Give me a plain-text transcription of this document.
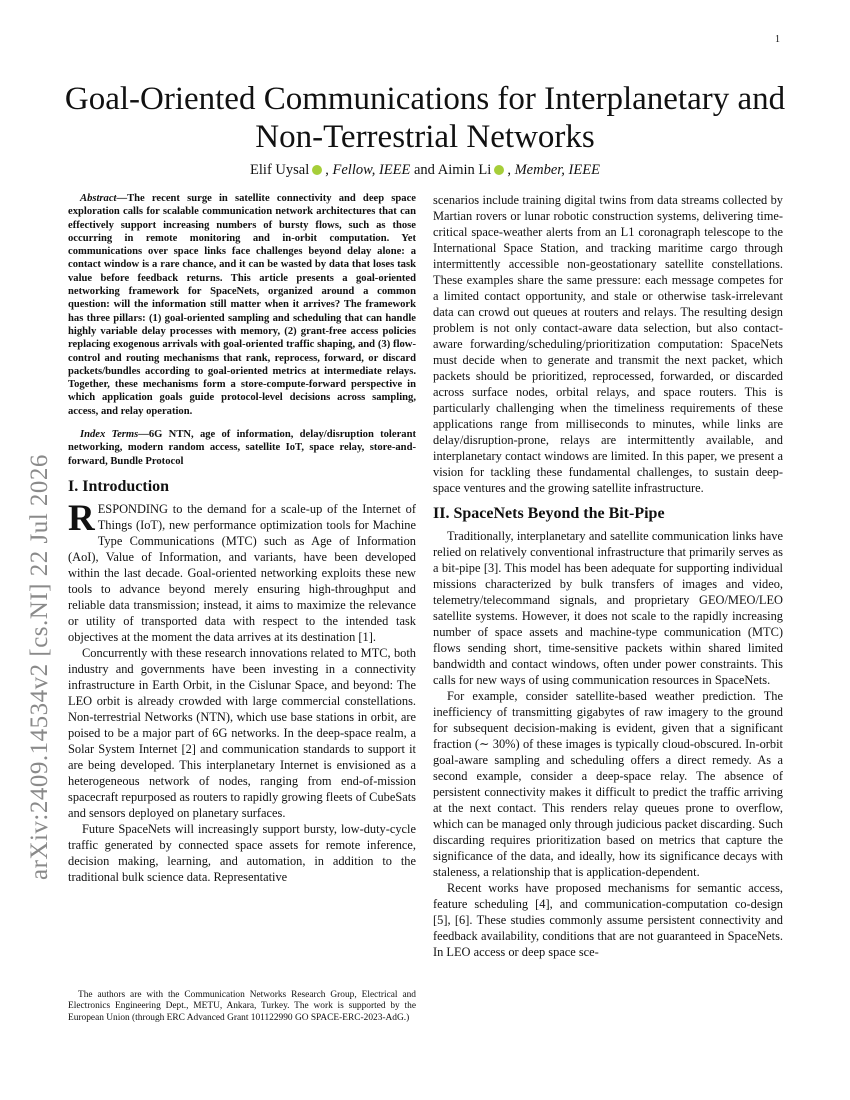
1
arXiv:2409.14534v2 [cs.NI] 22 Jul 2026
Goal-Oriented Communications for Interplanetary and Non-Terrestrial Networks
Elif Uysal , Fellow, IEEE and Aimin Li , Member, IEEE

Abstract—The recent surge in satellite connectivity and deep space exploration calls for scalable communication network architectures that can effectively support increasing numbers of bursty flows, such as those occurring in remote monitoring and in-orbit computation. Yet communications over space links face challenges beyond delay alone: a contact window is a rare chance, and it can be wasted by data that loses task value before feedback returns. This article presents a goal-oriented networking framework for SpaceNets, organized around a common question: will the information still matter when it arrives? The framework has three pillars: (1) goal-oriented sampling and scheduling that can handle highly variable delay processes with memory, (2) grant-free access policies replacing exogenous arrivals with goal-oriented traffic shaping, and (3) flow-control and routing mechanisms that rank, reprocess, forward, or discard packets/bundles according to goal-oriented metrics at intermediate relays. Together, these mechanisms form a store-compute-forward perspective in which application goals guide protocol-level decisions across sampling, access, and relay operation.

Index Terms—6G NTN, age of information, delay/disruption tolerant networking, modern random access, satellite IoT, space relay, store-and-forward, Bundle Protocol

I. Introduction

RESPONDING to the demand for a scale-up of the Internet of Things (IoT), new performance optimization tools for Machine Type Communications (MTC) such as Age of Information (AoI), Value of Information, and variants, have been developed within the last decade. Goal-oriented networking exploits these new tools to advance beyond merely ensuring high-throughput and reliable data transmission; instead, it aims to maximize the relevance or utility of transported data with respect to the intended task objectives at the moment the data arrives at its destination [1].

Concurrently with these research innovations related to MTC, both industry and governments have been investing in a connectivity infrastructure in Earth Orbit, in the Cislunar Space, and beyond: The LEO orbit is already crowded with large commercial constellations. Non-terrestrial Networks (NTN), which use base stations in orbit, are poised to be a major part of 6G networks. In the deep-space realm, a Solar System Internet [2] and communication standards to support it are being developed. This interplanetary Internet is envisioned as a heterogeneous network of nodes, ranging from end-of-mission spacecraft repurposed as routers to rapidly growing fleets of CubeSats and sensors deployed on planetary surfaces.

Future SpaceNets will increasingly support bursty, low-duty-cycle traffic generated by connected space assets for remote inference, decision making, learning, and automation, in addition to the traditional bulk science data. Representative

The authors are with the Communication Networks Research Group, Electrical and Electronics Engineering Dept., METU, Ankara, Turkey. The work is supported by the European Union (through ERC Advanced Grant 101122990 GO SPACE-ERC-2023-AdG.)

scenarios include training digital twins from data streams collected by Martian rovers or lunar robotic construction systems, delivering time-critical space-weather alerts from an L1 coronagraph telescope to the International Space Station, and tracking maritime cargo through intermittently accessible non-geostationary satellite constellations. These examples share the same pressure: each message competes for a limited contact opportunity, and stale or otherwise task-irrelevant data can crowd out queues at routers and relays. The resulting design problem is not only contact-aware data selection, but also contact-aware forwarding/scheduling/prioritization computation: SpaceNets must decide when to generate and transmit the next packet, which packets should be prioritized, reprocessed, forwarded, or discarded across surface nodes, orbital relays, and space routers. This is particularly challenging when the timeliness requirements of these applications range from milliseconds to minutes, while links are delay/disruption-prone, relays are intermittently available, and interplanetary contact windows are limited. In this paper, we present a vision for tackling these fundamental challenges, to sustain deep-space ventures and the growing satellite infrastructure.

II. SpaceNets Beyond the Bit-Pipe

Traditionally, interplanetary and satellite communication links have relied on relatively conventional infrastructure that primarily serves as a bit-pipe [3]. This model has been adequate for supporting individual missions characterized by bulk transfers of images and video, telemetry/telecommand signals, and proprietary GEO/MEO/LEO satellite systems. However, it does not scale to the rapidly increasing number of space assets and machine-type communication (MTC) flows sending short, time-sensitive packets within shared limited bandwidth and contact windows, often under power constraints. This calls for new ways of using communication resources in SpaceNets.

For example, consider satellite-based weather prediction. The inefficiency of transmitting gigabytes of raw imagery to the ground for subsequent decision-making is evident, given that a significant fraction (∼ 30%) of these images is typically cloud-obscured. In-orbit goal-aware sampling and scheduling offers a direct remedy. As a second example, consider a deep-space relay. The absence of persistent connectivity makes it difficult to predict the traffic arriving at the next contact. This renders relay queues prone to overflow, which can be managed only through judicious packet discarding. Such discarding requires prioritization based on metrics that capture the significance of the data, and ideally, how its significance decays with staleness, a relationship that is application-dependent.

Recent works have proposed mechanisms for semantic access, feature scheduling [4], and communication-computation co-design [5], [6]. These studies commonly assume persistent connectivity and feedback availability, conditions that are not guaranteed in SpaceNets. In LEO access or deep space sce-
